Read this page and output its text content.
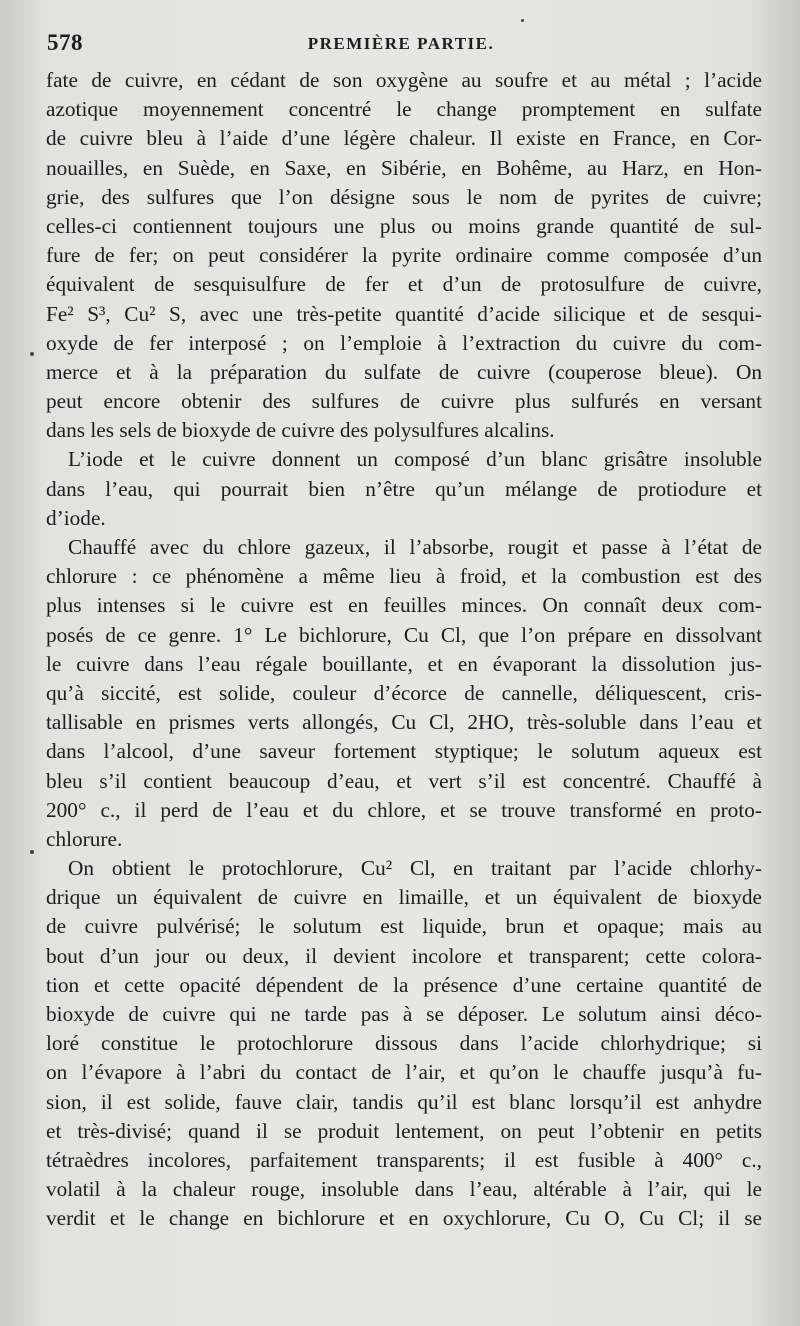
578	PREMIÈRE PARTIE.
fate de cuivre, en cédant de son oxygène au soufre et au métal ; l’acide
azotique moyennement concentré le change promptement en sulfate
de cuivre bleu à l’aide d’une légère chaleur. Il existe en France, en Cor-
nouailles, en Suède, en Saxe, en Sibérie, en Bohême, au Harz, en Hon-
grie, des sulfures que l’on désigne sous le nom de pyrites de cuivre;
celles-ci contiennent toujours une plus ou moins grande quantité de sul-
fure de fer; on peut considérer la pyrite ordinaire comme composée d’un
équivalent de sesquisulfure de fer et d’un de protosulfure de cuivre,
Fe² S³, Cu² S, avec une très-petite quantité d’acide silicique et de sesqui-
oxyde de fer interposé ; on l’emploie à l’extraction du cuivre du com-
merce et à la préparation du sulfate de cuivre (couperose bleue). On
peut encore obtenir des sulfures de cuivre plus sulfurés en versant
dans les sels de bioxyde de cuivre des polysulfures alcalins.
L’iode et le cuivre donnent un composé d’un blanc grisâtre insoluble
dans l’eau, qui pourrait bien n’être qu’un mélange de protiodure et
d’iode.
Chauffé avec du chlore gazeux, il l’absorbe, rougit et passe à l’état de
chlorure : ce phénomène a même lieu à froid, et la combustion est des
plus intenses si le cuivre est en feuilles minces. On connaît deux com-
posés de ce genre. 1° Le bichlorure, Cu Cl, que l’on prépare en dissolvant
le cuivre dans l’eau régale bouillante, et en évaporant la dissolution jus-
qu’à siccité, est solide, couleur d’écorce de cannelle, déliquescent, cris-
tallisable en prismes verts allongés, Cu Cl, 2HO, très-soluble dans l’eau et
dans l’alcool, d’une saveur fortement styptique; le solutum aqueux est
bleu s’il contient beaucoup d’eau, et vert s’il est concentré. Chauffé à
200° c., il perd de l’eau et du chlore, et se trouve transformé en proto-
chlorure.
On obtient le protochlorure, Cu² Cl, en traitant par l’acide chlorhy-
drique un équivalent de cuivre en limaille, et un équivalent de bioxyde
de cuivre pulvérisé; le solutum est liquide, brun et opaque; mais au
bout d’un jour ou deux, il devient incolore et transparent; cette colora-
tion et cette opacité dépendent de la présence d’une certaine quantité de
bioxyde de cuivre qui ne tarde pas à se déposer. Le solutum ainsi déco-
loré constitue le protochlorure dissous dans l’acide chlorhydrique; si
on l’évapore à l’abri du contact de l’air, et qu’on le chauffe jusqu’à fu-
sion, il est solide, fauve clair, tandis qu’il est blanc lorsqu’il est anhydre
et très-divisé; quand il se produit lentement, on peut l’obtenir en petits
tétraèdres incolores, parfaitement transparents; il est fusible à 400° c.,
volatil à la chaleur rouge, insoluble dans l’eau, altérable à l’air, qui le
verdit et le change en bichlorure et en oxychlorure, Cu O, Cu Cl; il se
